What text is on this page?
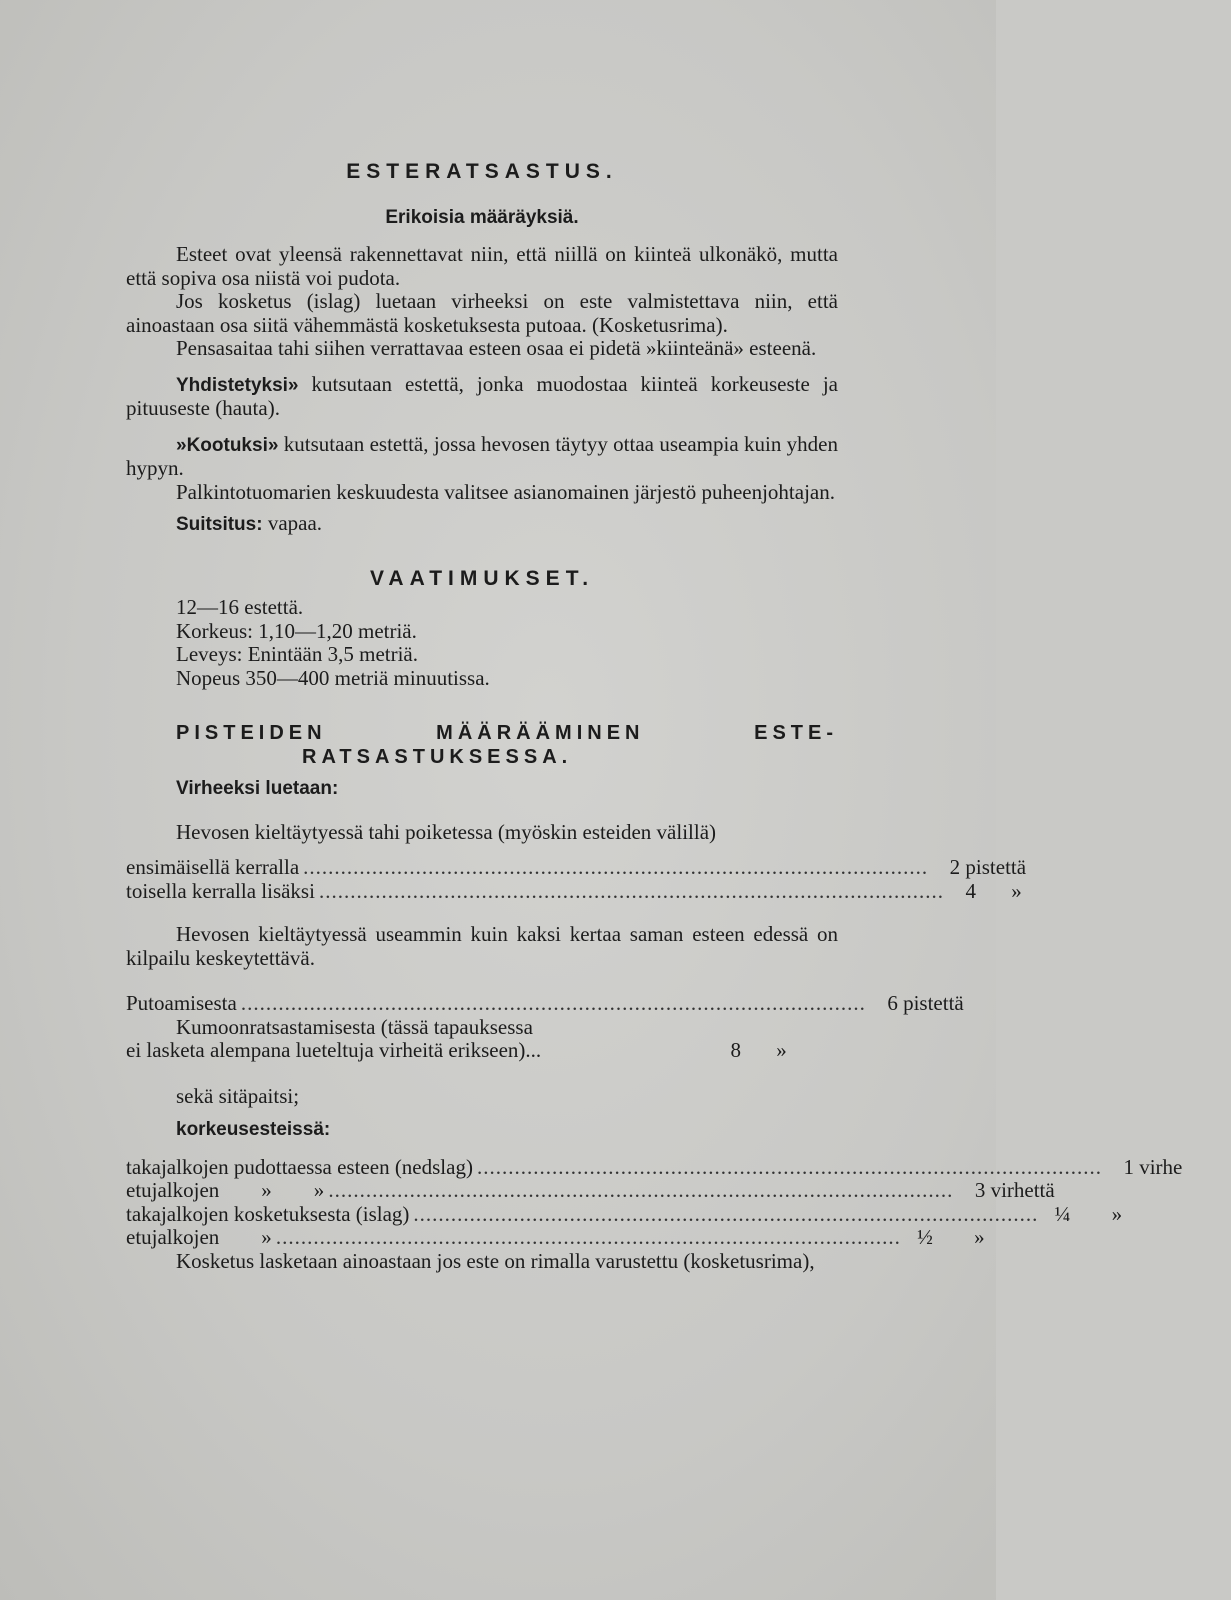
ESTERATSASTUS.
Erikoisia määräyksiä.

Esteet ovat yleensä rakennettavat niin, että niillä on kiinteä ulkonäkö, mutta että sopiva osa niistä voi pudota.

Jos kosketus (islag) luetaan virheeksi on este valmistettava niin, että ainoastaan osa siitä vähemmästä kosketuksesta putoaa. (Kosketusrima).

Pensasaitaa tahi siihen verrattavaa esteen osaa ei pidetä »kiinteänä» esteenä.

Yhdistetyksi» kutsutaan estettä, jonka muodostaa kiinteä korkeuseste ja pituuseste (hauta).

»Kootuksi» kutsutaan estettä, jossa hevosen täytyy ottaa useampia kuin yhden hypyn.

Palkintotuomarien keskuudesta valitsee asianomainen järjestö puheenjohtajan.

Suitsitus: vapaa.

VAATIMUKSET.
12—16 estettä.
Korkeus: 1,10—1,20 metriä.
Leveys: Enintään 3,5 metriä.
Nopeus 350—400 metriä minuutissa.
PISTEIDEN MÄÄRÄÄMINEN ESTE-
RATSASTUKSESSA.
Virheeksi luetaan:

Hevosen kieltäytyessä tahi poiketessa (myöskin esteiden välillä)

ensimäisellä kerralla ....................................................................................................	2 pistettä
toisella kerralla lisäksi ....................................................................................................	4 »

Hevosen kieltäytyessä useammin kuin kaksi kertaa saman esteen edessä on kilpailu keskeytettävä.

Putoamisesta ....................................................................................................	6 pistettä
Kumoonratsastamisesta (tässä tapauksessa
ei lasketa alempana lueteltuja virheitä erikseen)...	8 »
sekä sitäpaitsi;
korkeusesteissä:
takajalkojen pudottaessa esteen (nedslag) ....................................................................................................	1 virhe
etujalkojen        »        » ....................................................................................................	3 virhettä
takajalkojen kosketuksesta (islag) .................................................................................................... ¼ »
etujalkojen        » .................................................................................................... ½ »

Kosketus lasketaan ainoastaan jos este on rimalla varustettu (kosketusrima),
